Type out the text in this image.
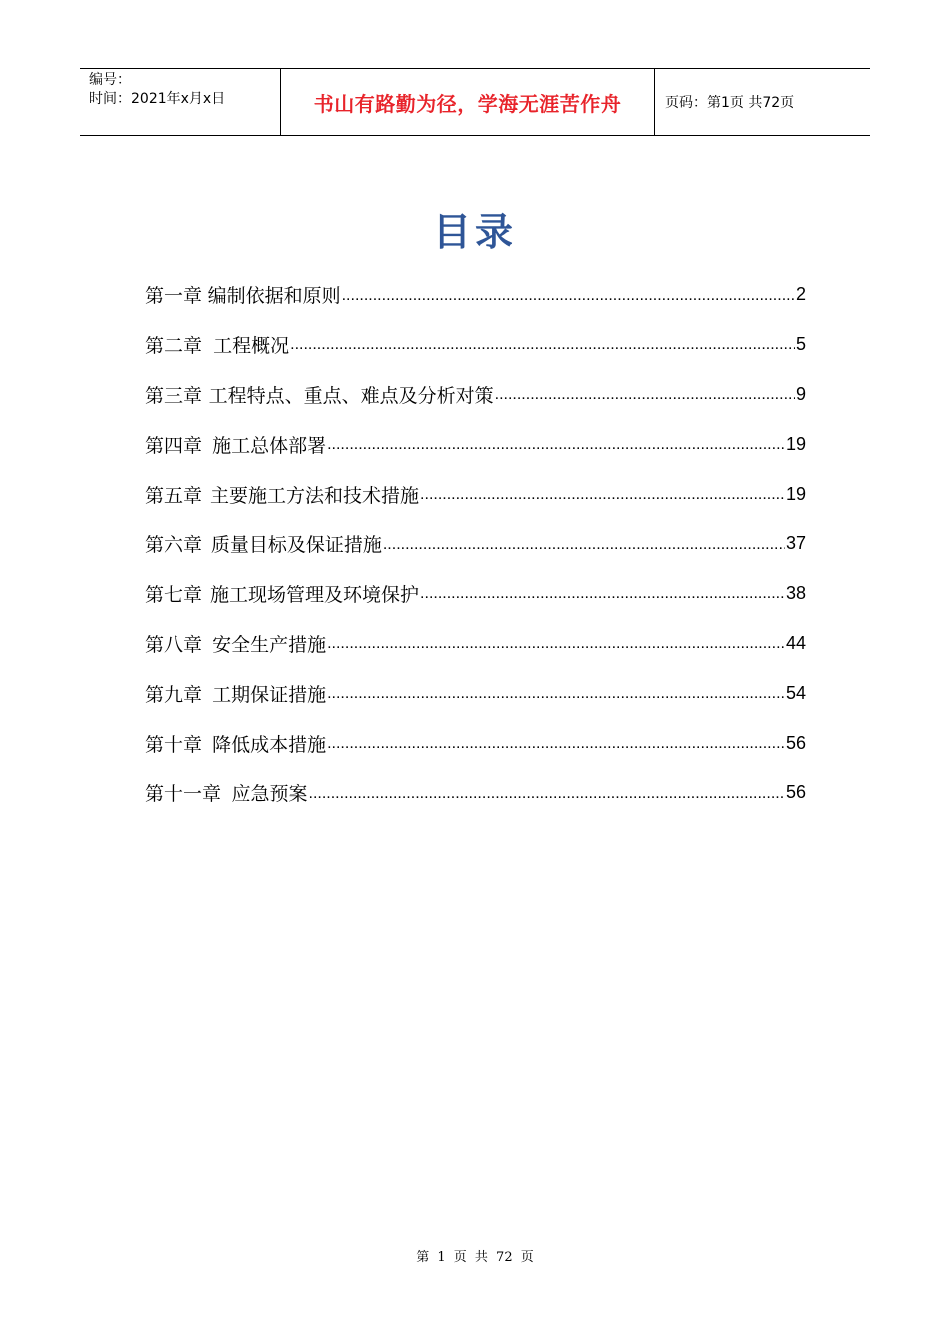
编号：
时间：2021年x月x日	书山有路勤为径，学海无涯苦作舟	页码：第1页 共72页
目录
第一章 编制依据和原则 .....	2
第二章 工程概况 .....	5
第三章 工程特点、重点、难点及分析对策 .....	9
第四章 施工总体部署 .....	19
第五章 主要施工方法和技术措施 .....	19
第六章 质量目标及保证措施 .....	37
第七章 施工现场管理及环境保护 .....	38
第八章 安全生产措施 .....	44
第九章 工期保证措施 .....	54
第十章 降低成本措施 .....	56
第十一章 应急预案 .....	56
第 1 页 共 72 页
